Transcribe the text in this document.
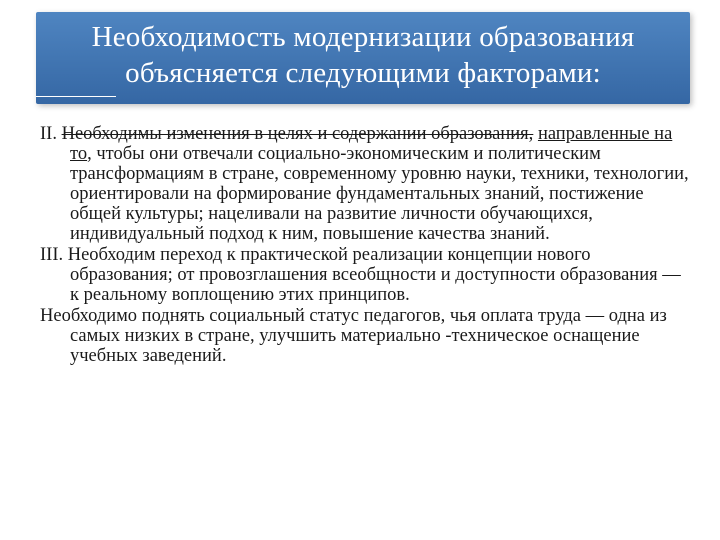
Необходимость модернизации образования
объясняется следующими факторами:

II. Необходимы изменения в целях и содержании образования, направленные на то, чтобы они отвечали социально-экономическим и политическим трансформациям в стране, современному уровню науки, техники, технологии, ориентировали на формирование фундаментальных знаний, постижение общей культуры; нацеливали на развитие личности обучающихся, индивидуальный подход к ним, повышение качества знаний.

III. Необходим переход к практической реализации концепции нового образования; от провозглашения всеобщности и доступности образования — к реальному воплощению этих принципов.

Необходимо поднять социальный статус педагогов, чья оплата труда — одна из самых низких в стране, улучшить материально -техническое оснащение учебных заведений.
